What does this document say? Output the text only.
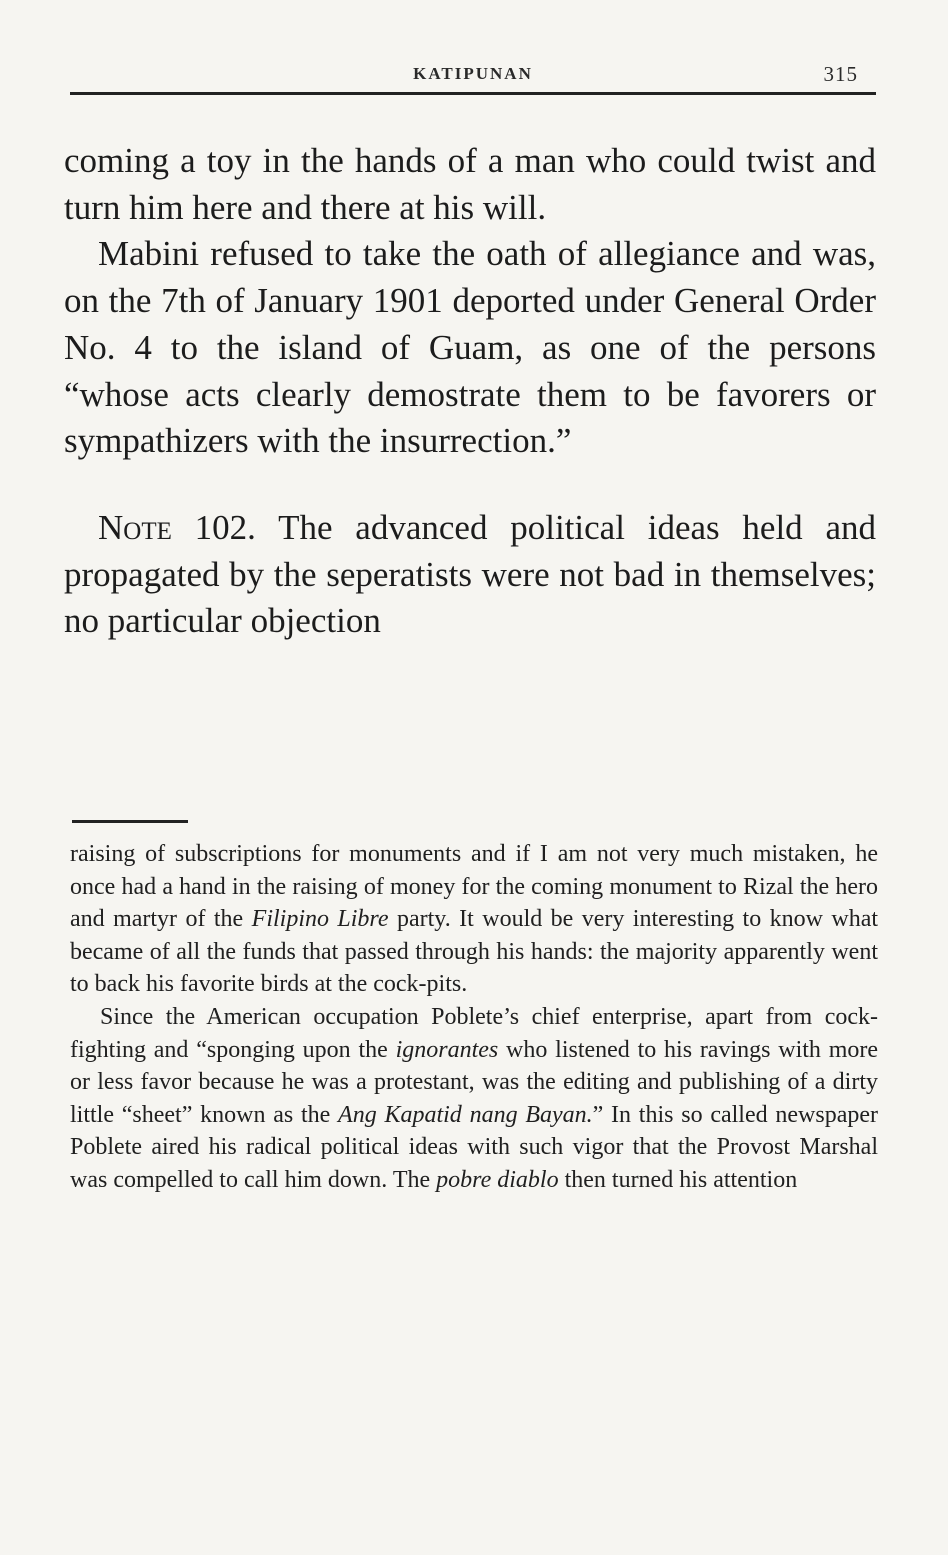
KATIPUNAN	315

coming a toy in the hands of a man who could twist and turn him here and there at his will.

Mabini refused to take the oath of allegiance and was, on the 7th of January 1901 deported under General Order No. 4 to the island of Guam, as one of the persons “whose acts clearly demostrate them to be favorers or sympathizers with the insurrection.”

Note 102. The advanced political ideas held and propagated by the seperatists were not bad in themselves; no particular objection

raising of subscriptions for monuments and if I am not very much mistaken, he once had a hand in the raising of money for the coming monument to Rizal the hero and martyr of the Filipino Libre party. It would be very interesting to know what became of all the funds that passed through his hands: the majority apparently went to back his favorite birds at the cock-pits.

Since the American occupation Poblete’s chief enterprise, apart from cock-fighting and “sponging upon the ignorantes who listened to his ravings with more or less favor because he was a protestant, was the editing and publishing of a dirty little “sheet” known as the Ang Kapatid nang Bayan.” In this so called newspaper Poblete aired his radical political ideas with such vigor that the Provost Marshal was compelled to call him down. The pobre diablo then turned his attention
